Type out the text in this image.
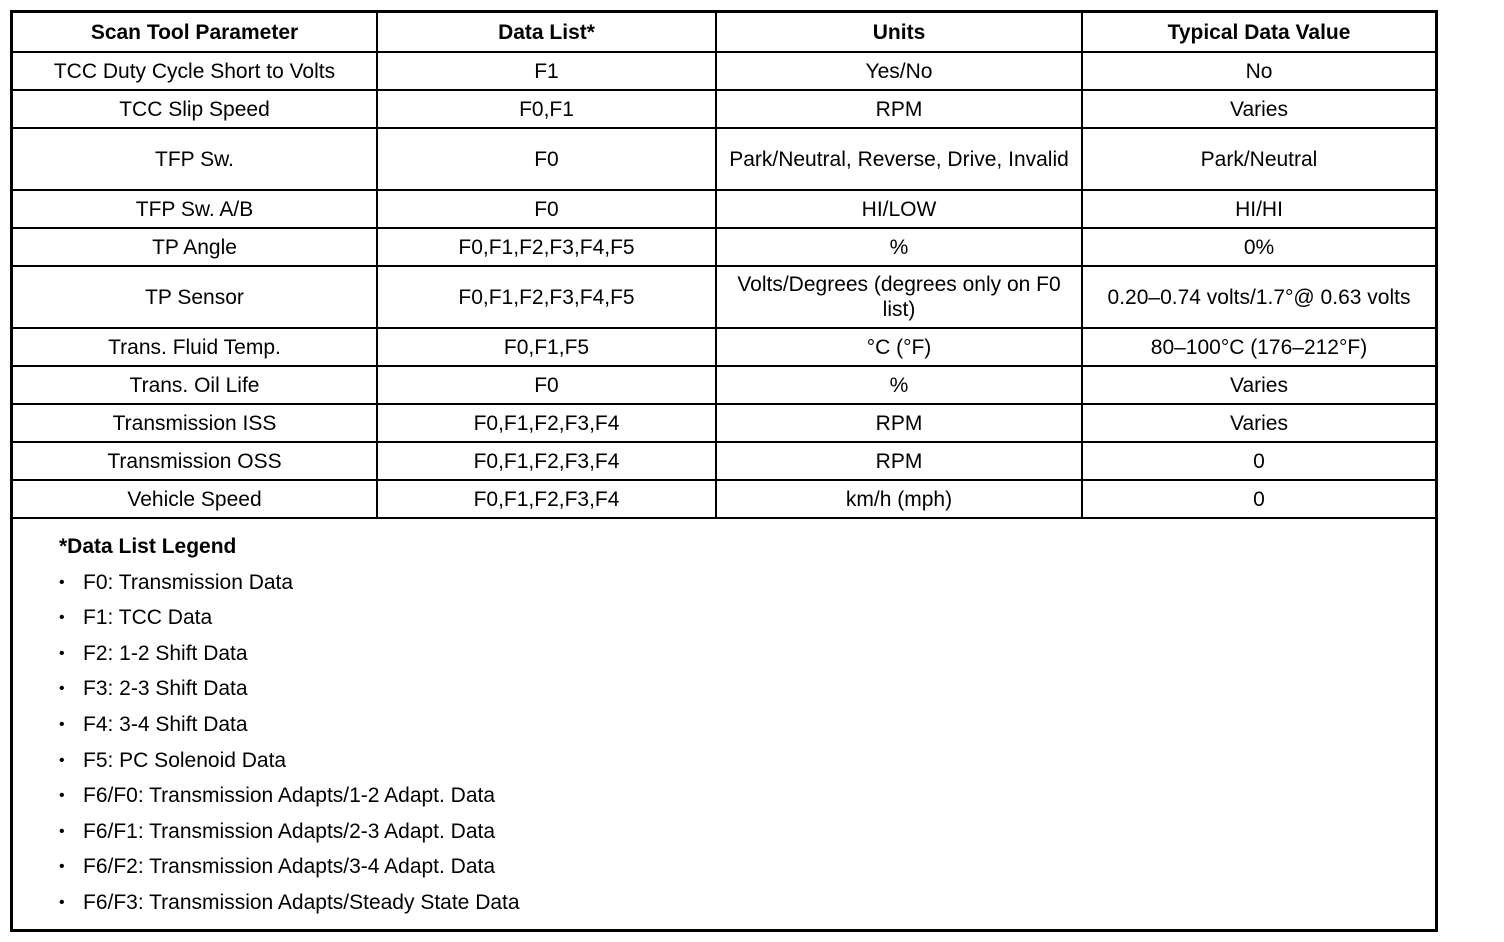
Scan Tool Parameter	Data List*	Units	Typical Data Value
TCC Duty Cycle Short to Volts	F1	Yes/No	No
TCC Slip Speed	F0,F1	RPM	Varies
TFP Sw.	F0	Park/Neutral, Reverse, Drive, Invalid	Park/Neutral
TFP Sw. A/B	F0	HI/LOW	HI/HI
TP Angle	F0,F1,F2,F3,F4,F5	%	0%
TP Sensor	F0,F1,F2,F3,F4,F5	Volts/Degrees (degrees only on F0 list)	0.20–0.74 volts/1.7°@ 0.63 volts
Trans. Fluid Temp.	F0,F1,F5	°C (°F)	80–100°C (176–212°F)
Trans. Oil Life	F0	%	Varies
Transmission ISS	F0,F1,F2,F3,F4	RPM	Varies
Transmission OSS	F0,F1,F2,F3,F4	RPM	0
Vehicle Speed	F0,F1,F2,F3,F4	km/h (mph)	0
*Data List Legend
• F0: Transmission Data
• F1: TCC Data
• F2: 1-2 Shift Data
• F3: 2-3 Shift Data
• F4: 3-4 Shift Data
• F5: PC Solenoid Data
• F6/F0: Transmission Adapts/1-2 Adapt. Data
• F6/F1: Transmission Adapts/2-3 Adapt. Data
• F6/F2: Transmission Adapts/3-4 Adapt. Data
• F6/F3: Transmission Adapts/Steady State Data
